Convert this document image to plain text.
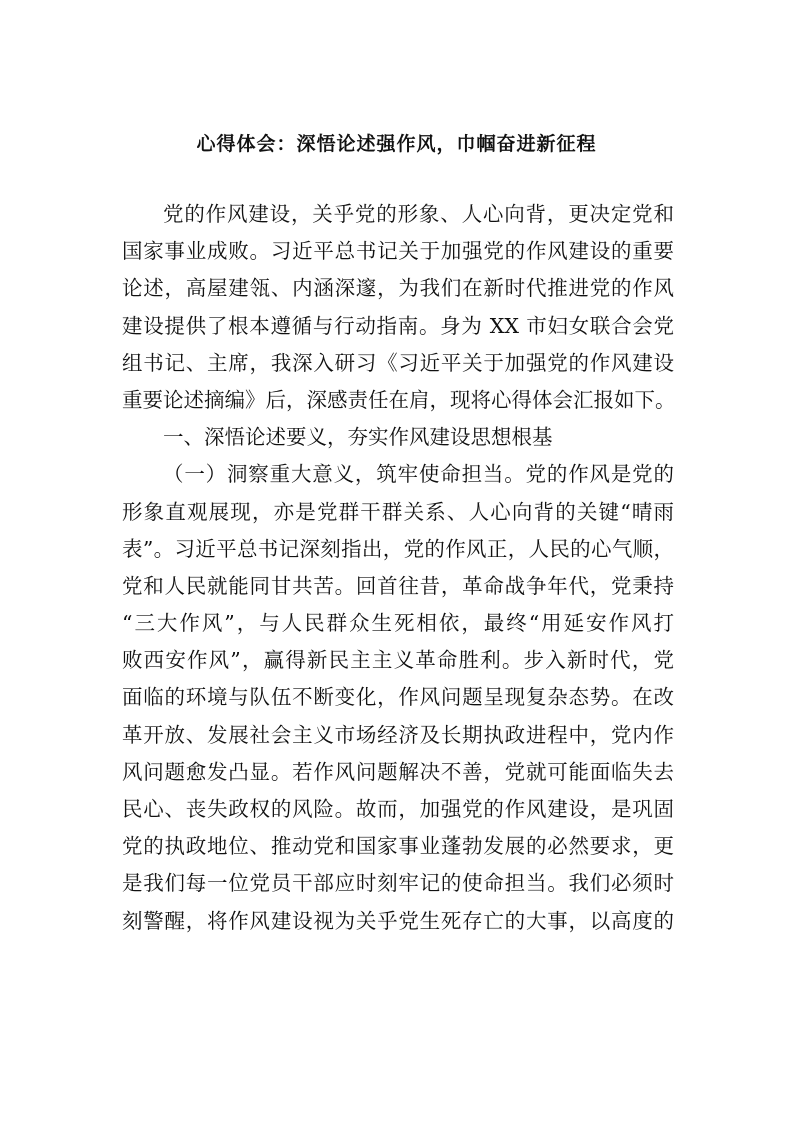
心得体会：深悟论述强作风，巾帼奋进新征程
党的作风建设，关乎党的形象、人心向背，更决定党和
国家事业成败。习近平总书记关于加强党的作风建设的重要
论述，高屋建瓴、内涵深邃，为我们在新时代推进党的作风
建设提供了根本遵循与行动指南。身为 XX 市妇女联合会党
组书记、主席，我深入研习《习近平关于加强党的作风建设
重要论述摘编》后，深感责任在肩，现将心得体会汇报如下。
一、深悟论述要义，夯实作风建设思想根基
（一）洞察重大意义，筑牢使命担当。党的作风是党的
形象直观展现，亦是党群干群关系、人心向背的关键“晴雨
表”。习近平总书记深刻指出，党的作风正，人民的心气顺，
党和人民就能同甘共苦。回首往昔，革命战争年代，党秉持
“三大作风”，与人民群众生死相依，最终“用延安作风打
败西安作风”，赢得新民主主义革命胜利。步入新时代，党
面临的环境与队伍不断变化，作风问题呈现复杂态势。在改
革开放、发展社会主义市场经济及长期执政进程中，党内作
风问题愈发凸显。若作风问题解决不善，党就可能面临失去
民心、丧失政权的风险。故而，加强党的作风建设，是巩固
党的执政地位、推动党和国家事业蓬勃发展的必然要求，更
是我们每一位党员干部应时刻牢记的使命担当。我们必须时
刻警醒，将作风建设视为关乎党生死存亡的大事，以高度的
